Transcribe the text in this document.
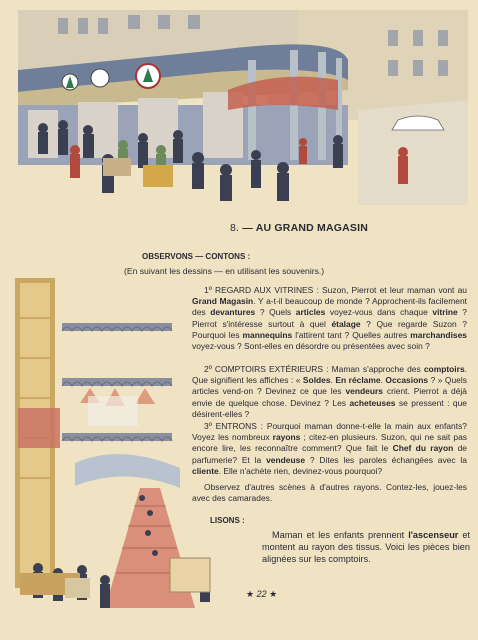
8. — AU GRAND MAGASIN
OBSERVONS — CONTONS :
(En suivant les dessins — en utilisant les souvenirs.)

1º REGARD AUX VITRINES : Suzon, Pierrot et leur maman vont au Grand Magasin. Y a-t-il beaucoup de monde ? Approchent-ils facilement des devantures ? Quels articles voyez-vous dans chaque vitrine ? Pierrot s'intéresse surtout à quel étalage ? Que regarde Suzon ? Pourquoi les mannequins l'attirent tant ? Quelles autres marchandises voyez-vous ? Sont-elles en désordre ou présentées avec soin ?

2º COMPTOIRS EXTÉRIEURS : Maman s'approche des comptoirs. Que signifient les affiches : « Soldes. En réclame. Occasions ? » Quels articles vend-on ? Devinez ce que les vendeurs crient. Pierrot a déjà envie de quelque chose. Devinez ? Les acheteuses se pressent : que désirent-elles ?

3º ENTRONS : Pourquoi maman donne-t-elle la main aux enfants? Voyez les nombreux rayons ; citez-en plusieurs. Suzon, qui ne sait pas encore lire, les reconnaître comment? Que fait le Chef du rayon de parfumerie? Et la vendeuse ? Dites les paroles échangées avec la cliente. Elle n'achète rien, devinez-vous pourquoi?

Observez d'autres scènes à d'autres rayons. Contez-les, jouez-les avec des camarades.

LISONS :

Maman et les enfants prennent l'ascenseur et montent au rayon des tissus. Voici les pièces bien alignées sur les comptoirs.

★ 22 ★
